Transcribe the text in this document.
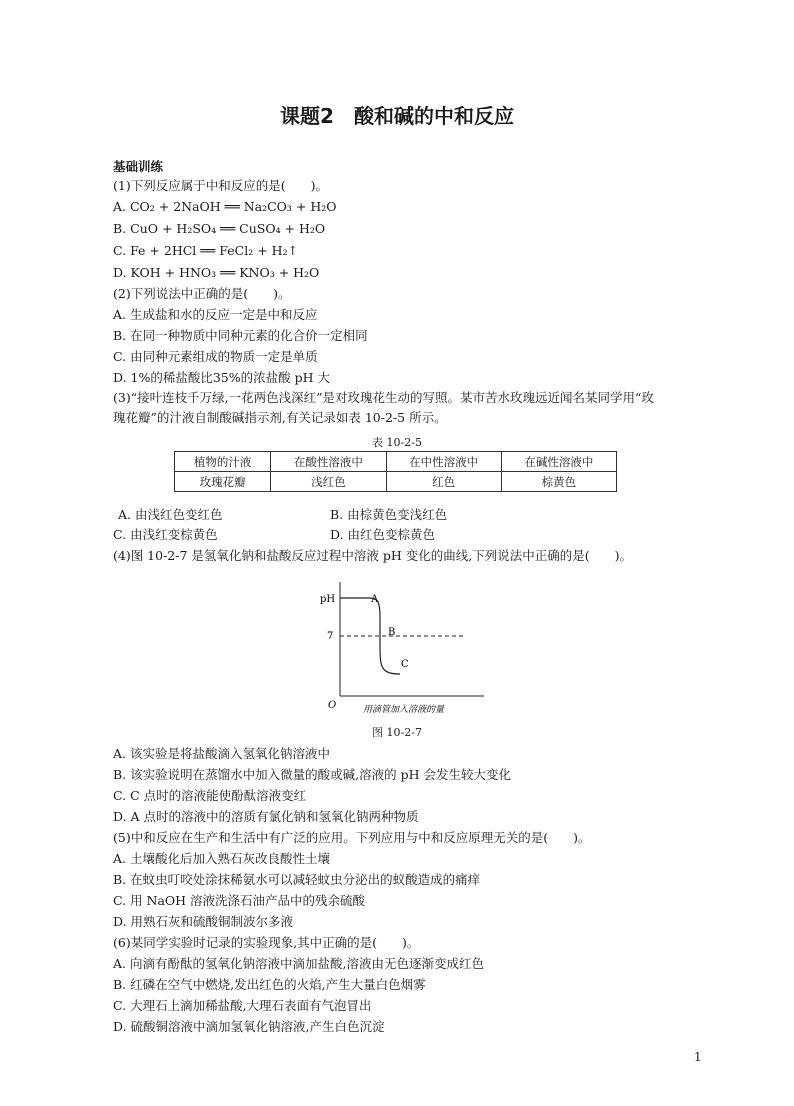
课题2　酸和碱的中和反应
基础训练
(1)下列反应属于中和反应的是(　　)。
A. CO₂ + 2NaOH ══ Na₂CO₃ + H₂O
B. CuO + H₂SO₄ ══ CuSO₄ + H₂O
C. Fe + 2HCl ══ FeCl₂ + H₂↑
D. KOH + HNO₃ ══ KNO₃ + H₂O
(2)下列说法中正确的是(　　)。
A. 生成盐和水的反应一定是中和反应
B. 在同一种物质中同种元素的化合价一定相同
C. 由同种元素组成的物质一定是单质
D. 1%的稀盐酸比35%的浓盐酸 pH 大
(3)“接叶连枝千万绿,一花两色浅深红”是对玫瑰花生动的写照。某市苦水玫瑰远近闻名某同学用“玫
瑰花瓣”的汁液自制酸碱指示剂,有关记录如表 10-2-5 所示。
表 10-2-5
植物的汁液	在酸性溶液中	在中性溶液中	在碱性溶液中
玫瑰花瓣	浅红色	红色	棕黄色
A. 由浅红色变红色	B. 由棕黄色变浅红色
C. 由浅红变棕黄色	D. 由红色变棕黄色
(4)图 10-2-7 是氢氧化钠和盐酸反应过程中溶液 pH 变化的曲线,下列说法中正确的是(　　)。
pH
7
O
A
B
C
用滴管加入溶液的量
图 10-2-7
A. 该实验是将盐酸滴入氢氧化钠溶液中
B. 该实验说明在蒸馏水中加入微量的酸或碱,溶液的 pH 会发生较大变化
C. C 点时的溶液能使酚酞溶液变红
D. A 点时的溶液中的溶质有氯化钠和氢氧化钠两种物质
(5)中和反应在生产和生活中有广泛的应用。下列应用与中和反应原理无关的是(　　)。
A. 土壤酸化后加入熟石灰改良酸性土壤
B. 在蚊虫叮咬处涂抹稀氨水可以减轻蚊虫分泌出的蚁酸造成的痛痒
C. 用 NaOH 溶液洗涤石油产品中的残余硫酸
D. 用熟石灰和硫酸铜制波尔多液
(6)某同学实验时记录的实验现象,其中正确的是(　　)。
A. 向滴有酚酞的氢氧化钠溶液中滴加盐酸,溶液由无色逐渐变成红色
B. 红磷在空气中燃烧,发出红色的火焰,产生大量白色烟雾
C. 大理石上滴加稀盐酸,大理石表面有气泡冒出
D. 硫酸铜溶液中滴加氢氧化钠溶液,产生白色沉淀
1
